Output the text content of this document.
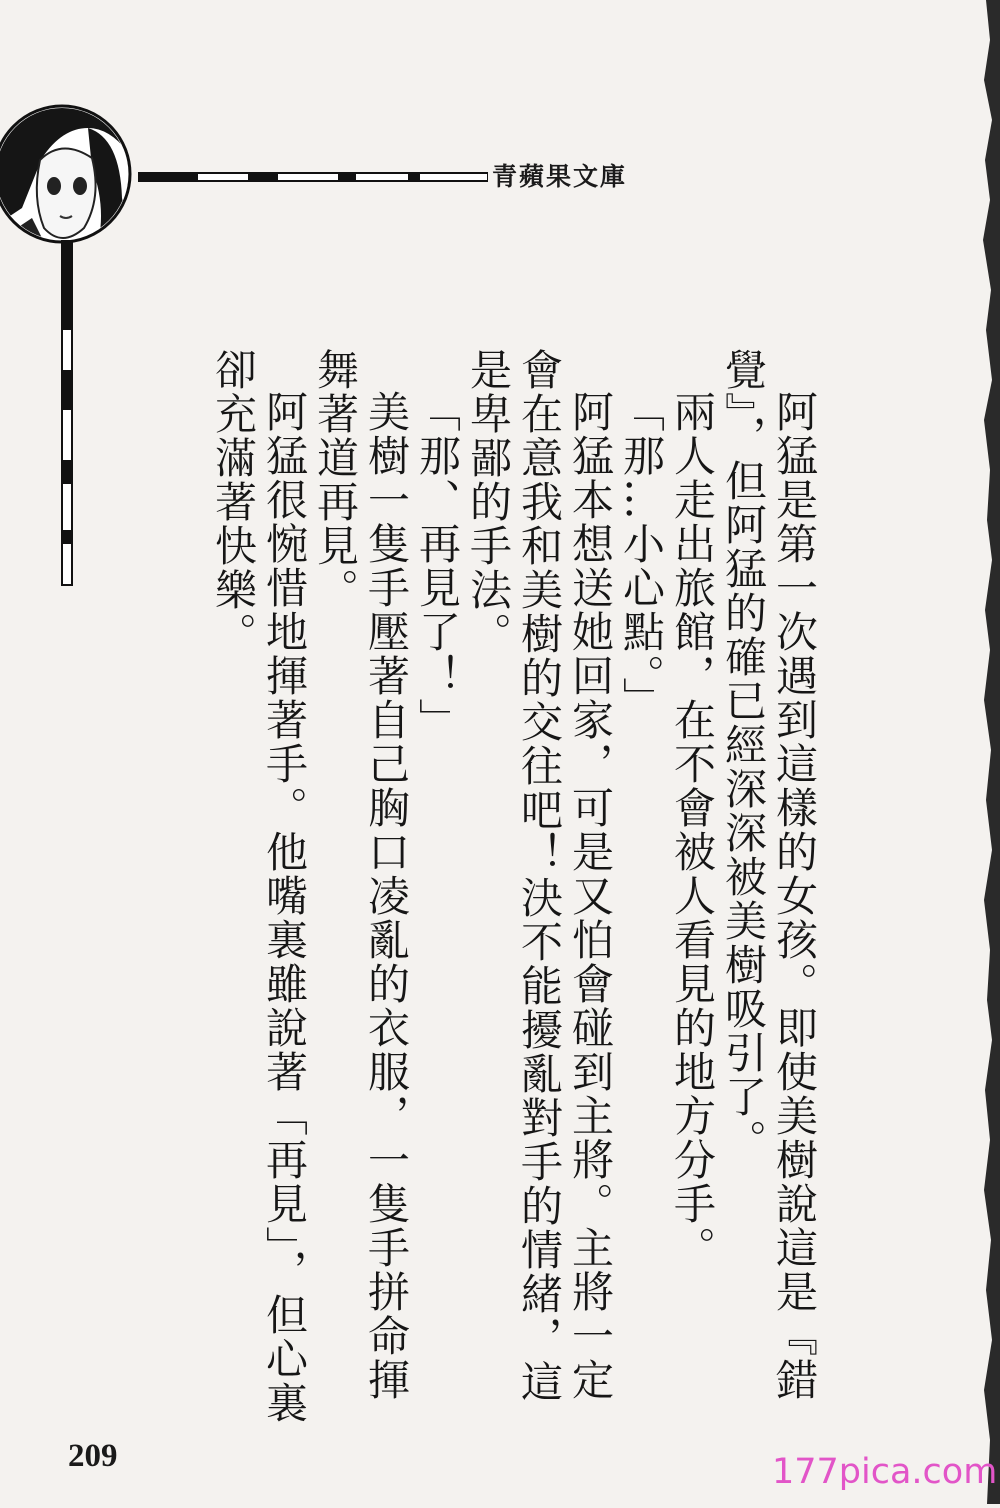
青蘋果文庫

阿猛是第一次遇到這樣的女孩。即使美樹說這是『錯覺』，但阿猛的確已經深深被美樹吸引了。

兩人走出旅館，在不會被人看見的地方分手。

「那…小心點。」

阿猛本想送她回家，可是又怕會碰到主將。主將一定會在意我和美樹的交往吧！決不能擾亂對手的情緒，這是卑鄙的手法。

「那、再見了！」

美樹一隻手壓著自己胸口凌亂的衣服，一隻手拼命揮舞著道再見。

阿猛很惋惜地揮著手。他嘴裏雖說著「再見」，但心裏卻充滿著快樂。

209	177pica.com
